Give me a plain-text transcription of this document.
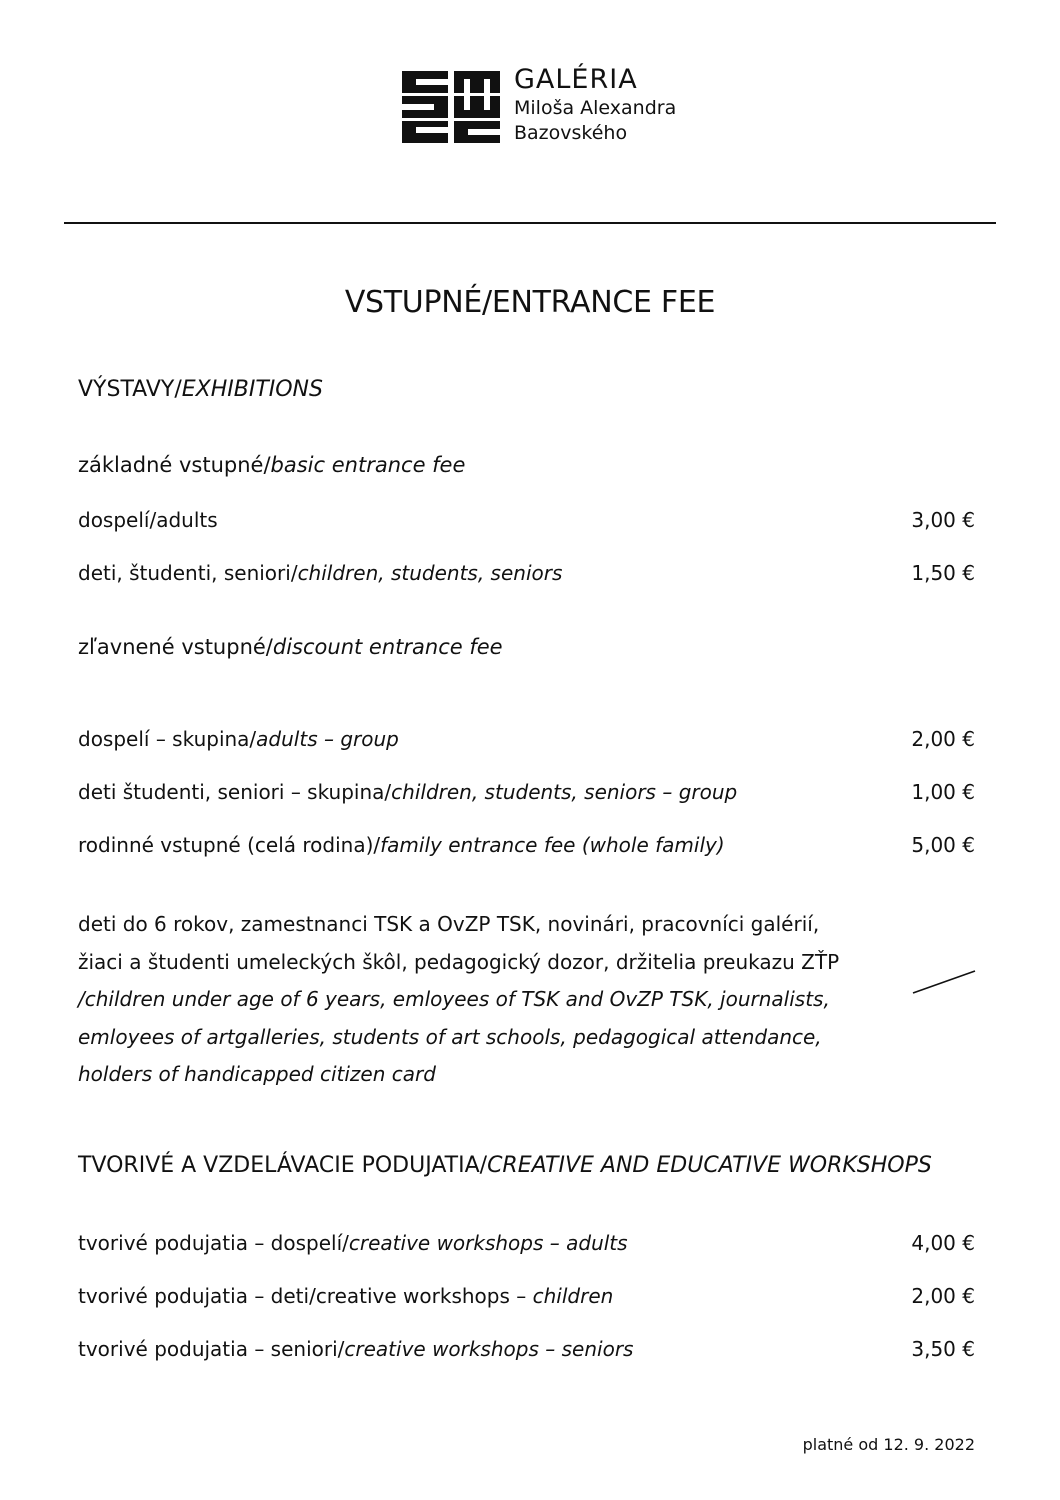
GALÉRIA
Miloša Alexandra
Bazovského
VSTUPNÉ/ENTRANCE FEE
VÝSTAVY/EXHIBITIONS
základné vstupné/basic entrance fee
dospelí/adults	3,00 €
deti, študenti, seniori/children, students, seniors	1,50 €
zľavnené vstupné/discount entrance fee
dospelí – skupina/adults – group	2,00 €
deti študenti, seniori – skupina/children, students, seniors – group	1,00 €
rodinné vstupné (celá rodina)/family entrance fee (whole family)	5,00 €
deti do 6 rokov, zamestnanci TSK a OvZP TSK, novinári, pracovníci galérií,
žiaci a študenti umeleckých škôl, pedagogický dozor, držitelia preukazu ZŤP
/children under age of 6 years, emloyees of TSK and OvZP TSK, journalists,
emloyees of artgalleries, students of art schools, pedagogical attendance,
holders of handicapped citizen card
TVORIVÉ A VZDELÁVACIE PODUJATIA/CREATIVE AND EDUCATIVE WORKSHOPS
tvorivé podujatia – dospelí/creative workshops – adults	4,00 €
tvorivé podujatia – deti/creative workshops – children	2,00 €
tvorivé podujatia – seniori/creative workshops – seniors	3,50 €
platné od 12. 9. 2022
